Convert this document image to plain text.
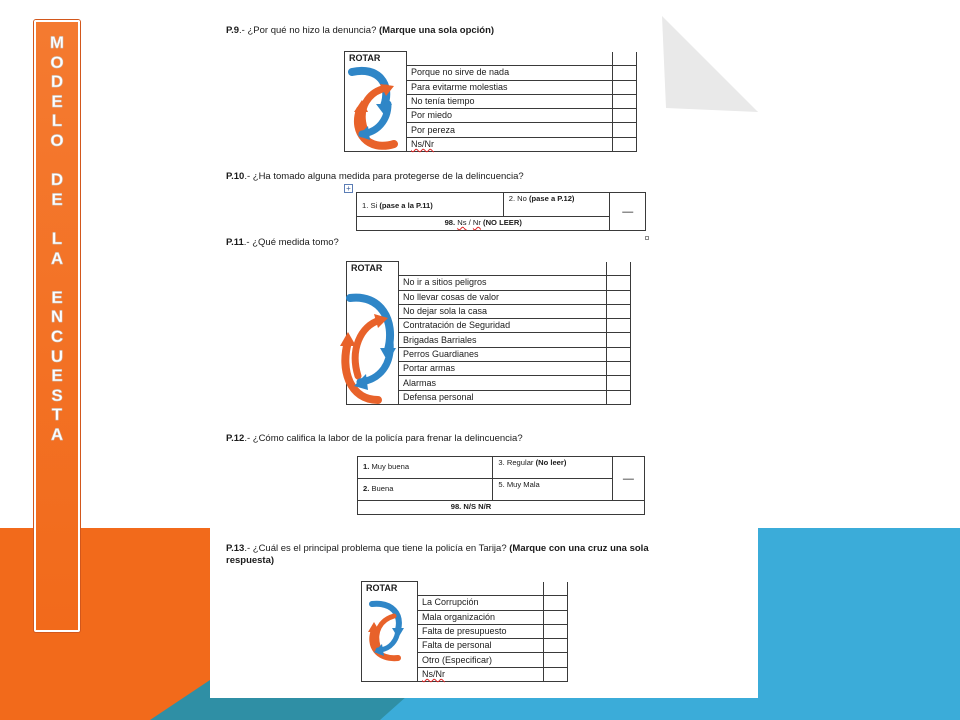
M
O
D
E
L
O
D
E
L
A
E
N
C
U
E
S
T
A
P.9.- ¿Por qué no hizo la denuncia? (Marque una sola opción)
ROTAR		
	Porque no sirve de nada	
	Para evitarme molestias	
	No tenía tiempo	
	Por miedo	
	Por pereza	
	Ns/Nr	
P.10.- ¿Ha tomado alguna medida para protegerse de la delincuencia?
+
1. Si (pase a la P.11)	2. No (pase a P.12)	—
98. Ns / Nr (NO LEER)
P.11.- ¿Qué medida tomo?
ROTAR		
	No ir a sitios peligros	
	No llevar cosas de valor	
	No dejar sola la casa	
	Contratación de Seguridad	
	Brigadas Barriales	
	Perros Guardianes	
	Portar armas	
	Alarmas	
	Defensa personal	
P.12.- ¿Cómo califica la labor de la policía para frenar la delincuencia?
1. Muy buena	3. Regular (No leer)	—
2. Buena	5. Muy Mala	
98. N/S N/R		
P.13.- ¿Cuál es el principal problema que tiene la policía en Tarija? (Marque con una cruz una sola
respuesta)
ROTAR		
	La Corrupción	
	Mala organización	
	Falta de presupuesto	
	Falta de personal	
	Otro (Especificar)	
	Ns/Nr	
